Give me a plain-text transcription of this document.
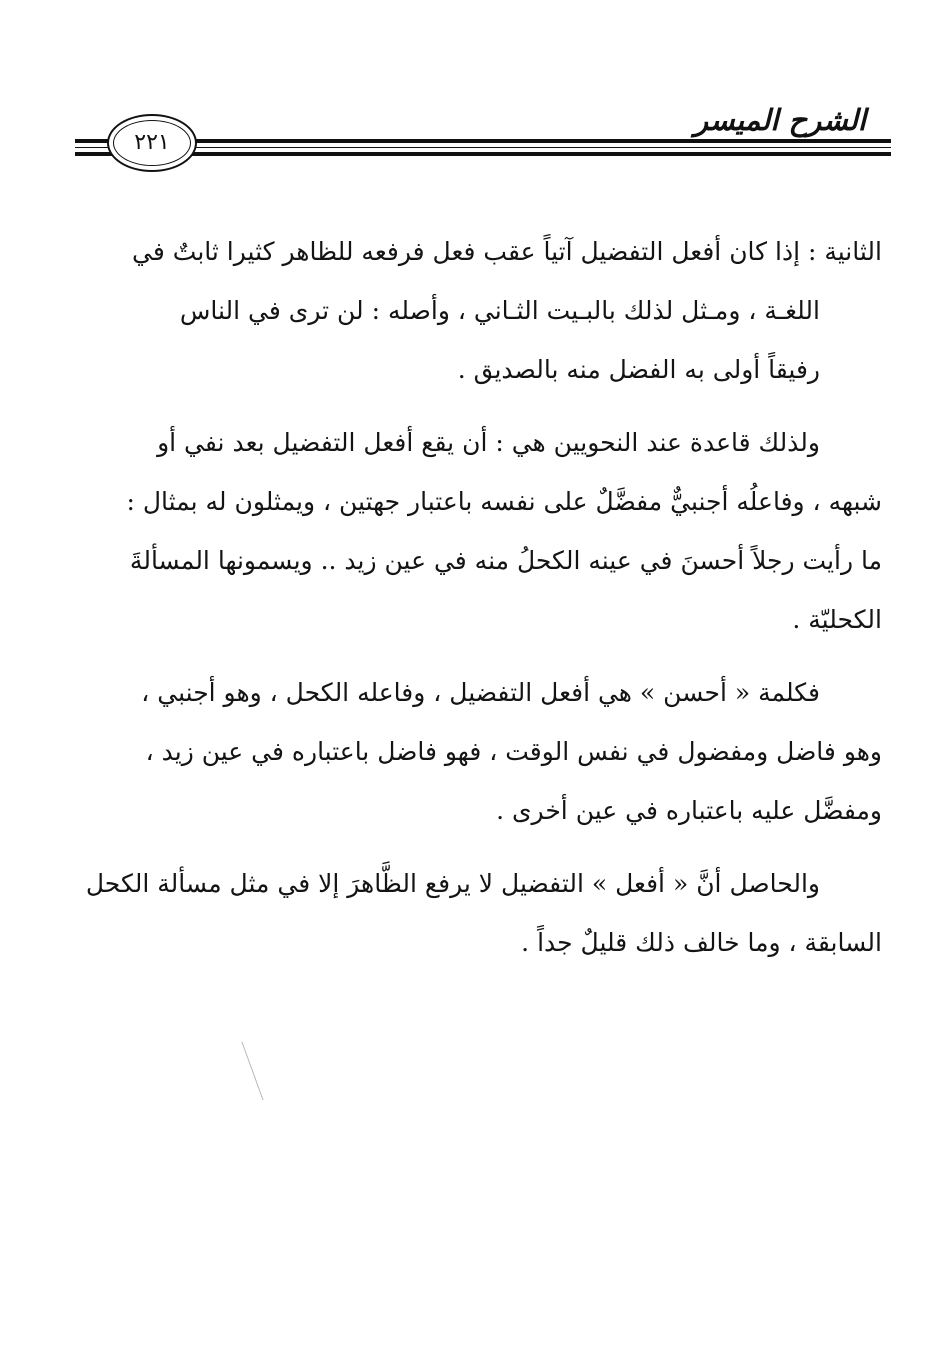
الشرح الميسر
٢٢١

الثانية : إذا كان أفعل التفضيل آتياً عقب فعل فرفعه للظاهر كثيرا ثابتٌ في
اللغـة ، ومـثل لذلك بالبـيت الثـاني ، وأصله : لن ترى في الناس
رفيقاً أولى به الفضل منه بالصديق .

ولذلك قاعدة عند النحويين هي : أن يقع أفعل التفضيل بعد نفي أو
شبهه ، وفاعلُه أجنبيٌّ مفضَّلٌ على نفسه باعتبار جهتين ، ويمثلون له بمثال :
ما رأيت رجلاً أحسنَ في عينه الكحلُ منه في عين زيد .. ويسمونها المسألةَ
الكحليّة .

فكلمة « أحسن » هي أفعل التفضيل ، وفاعله الكحل ، وهو أجنبي ،
وهو فاضل ومفضول في نفس الوقت ، فهو فاضل باعتباره في عين زيد ،
ومفضَّل عليه باعتباره في عين أخرى .

والحاصل أنَّ « أفعل » التفضيل لا يرفع الظَّاهرَ إلا في مثل مسألة الكحل
السابقة ، وما خالف ذلك قليلٌ جداً .
